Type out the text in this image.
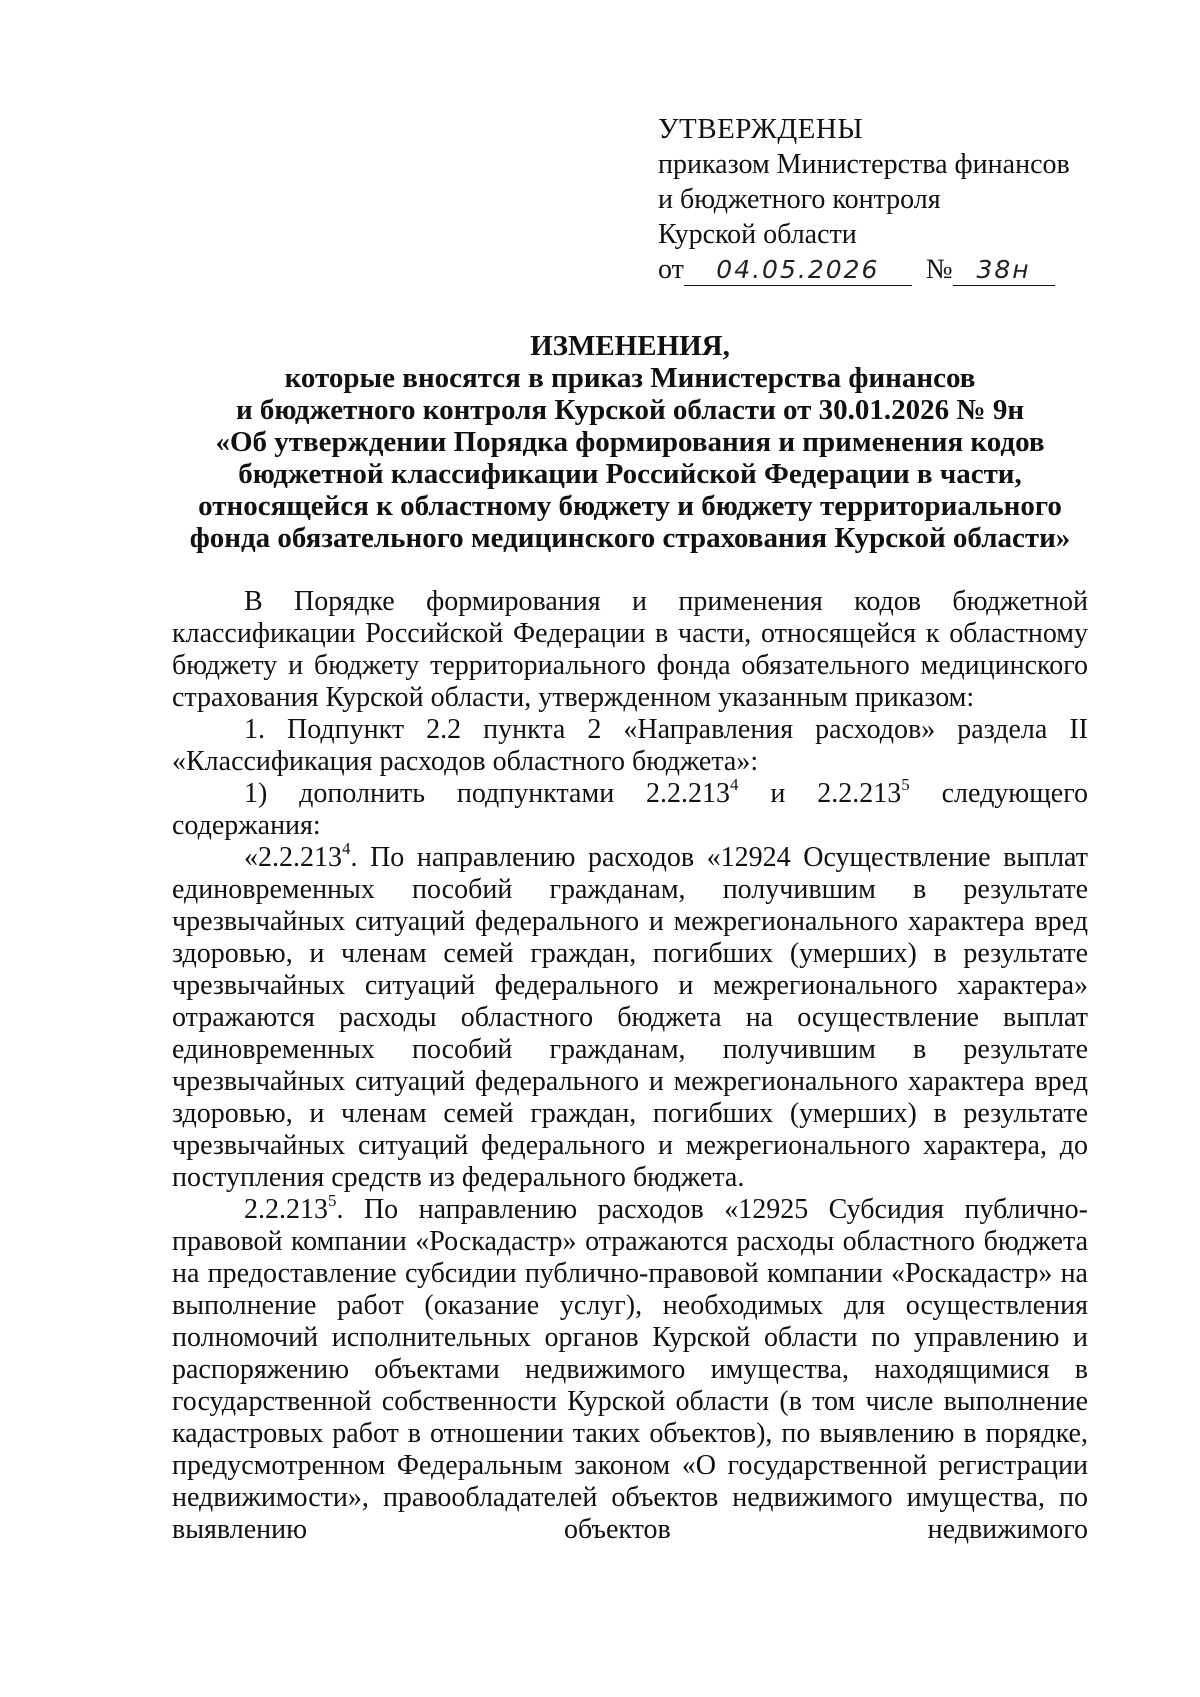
УТВЕРЖДЕНЫ
приказом Министерства финансов
и бюджетного контроля
Курской области
от 04.05.2026 № 38н
ИЗМЕНЕНИЯ,
которые вносятся в приказ Министерства финансов
и бюджетного контроля Курской области от 30.01.2026 № 9н
«Об утверждении Порядка формирования и применения кодов
бюджетной классификации Российской Федерации в части,
относящейся к областному бюджету и бюджету территориального
фонда обязательного медицинского страхования Курской области»

В Порядке формирования и применения кодов бюджетной классификации Российской Федерации в части, относящейся к областному бюджету и бюджету территориального фонда обязательного медицинского страхования Курской области, утвержденном указанным приказом:

1. Подпункт 2.2 пункта 2 «Направления расходов» раздела II «Классификация расходов областного бюджета»:

1) дополнить подпунктами 2.2.213$^4$ и 2.2.213$^5$ следующего содержания:

«2.2.213$^4$. По направлению расходов «12924 Осуществление выплат единовременных пособий гражданам, получившим в результате чрезвычайных ситуаций федерального и межрегионального характера вред здоровью, и членам семей граждан, погибших (умерших) в результате чрезвычайных ситуаций федерального и межрегионального характера» отражаются расходы областного бюджета на осуществление выплат единовременных пособий гражданам, получившим в результате чрезвычайных ситуаций федерального и межрегионального характера вред здоровью, и членам семей граждан, погибших (умерших) в результате чрезвычайных ситуаций федерального и межрегионального характера, до поступления средств из федерального бюджета.

2.2.213$^5$. По направлению расходов «12925 Субсидия публично-правовой компании «Роскадастр» отражаются расходы областного бюджета на предоставление субсидии публично-правовой компании «Роскадастр» на выполнение работ (оказание услуг), необходимых для осуществления полномочий исполнительных органов Курской области по управлению и распоряжению объектами недвижимого имущества, находящимися в государственной собственности Курской области (в том числе выполнение кадастровых работ в отношении таких объектов), по выявлению в порядке, предусмотренном Федеральным законом «О государственной регистрации недвижимости», правообладателей объектов недвижимого имущества, по выявлению объектов недвижимого
